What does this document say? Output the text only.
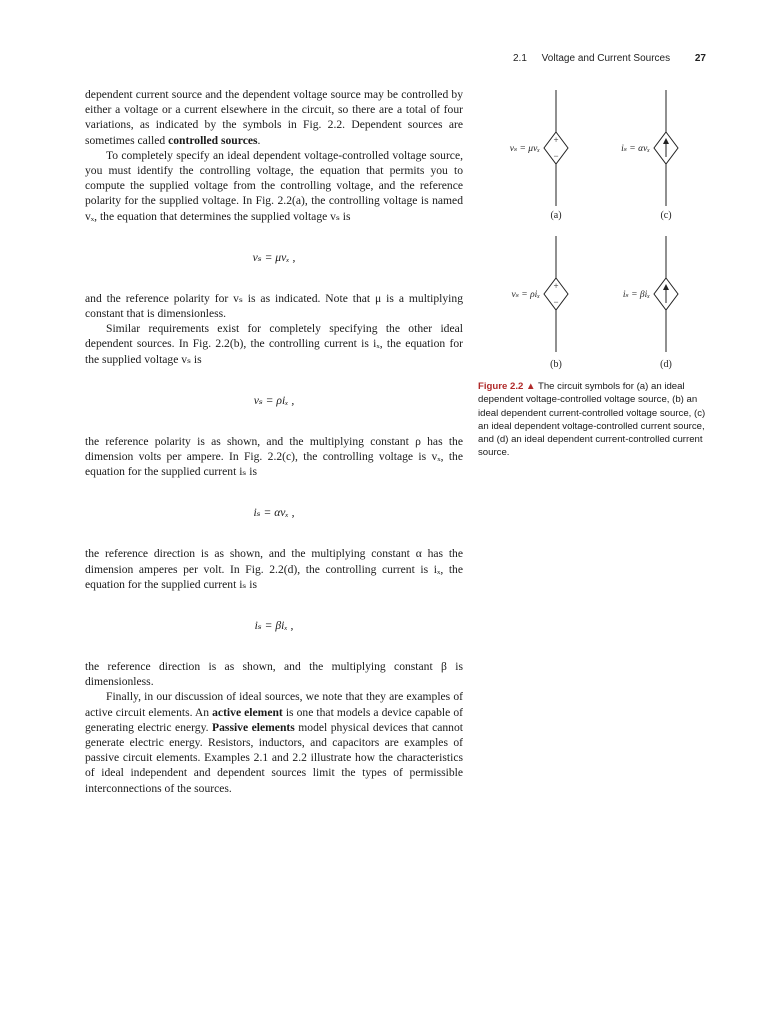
2.1 Voltage and Current Sources 27

dependent current source and the dependent voltage source may be controlled by either a voltage or a current elsewhere in the circuit, so there are a total of four variations, as indicated by the symbols in Fig. 2.2. Dependent sources are sometimes called controlled sources.

To completely specify an ideal dependent voltage-controlled voltage source, you must identify the controlling voltage, the equation that permits you to compute the supplied voltage from the controlling voltage, and the reference polarity for the supplied voltage. In Fig. 2.2(a), the controlling voltage is named vₓ, the equation that determines the supplied voltage vₛ is

vₛ = μvₓ ,

and the reference polarity for vₛ is as indicated. Note that μ is a multiplying constant that is dimensionless.

Similar requirements exist for completely specifying the other ideal dependent sources. In Fig. 2.2(b), the controlling current is iₓ, the equation for the supplied voltage vₛ is

vₛ = ρiₓ ,

the reference polarity is as shown, and the multiplying constant ρ has the dimension volts per ampere. In Fig. 2.2(c), the controlling voltage is vₓ, the equation for the supplied current iₛ is

iₛ = αvₓ ,

the reference direction is as shown, and the multiplying constant α has the dimension amperes per volt. In Fig. 2.2(d), the controlling current is iₓ, the equation for the supplied current iₛ is

iₛ = βiₓ ,

the reference direction is as shown, and the multiplying constant β is dimensionless.

Finally, in our discussion of ideal sources, we note that they are examples of active circuit elements. An active element is one that models a device capable of generating electric energy. Passive elements model physical devices that cannot generate electric energy. Resistors, inductors, and capacitors are examples of passive circuit elements. Examples 2.1 and 2.2 illustrate how the characteristics of ideal independent and dependent sources limit the types of permissible interconnections of the sources.

+
−
+
−
vₛ = μvₓ	iₛ = αvₓ
vₛ = ρiₓ	iₛ = βiₓ
(a)	(c)
(b)	(d)
Figure 2.2 ▲ The circuit symbols for (a) an ideal dependent voltage-controlled voltage source, (b) an ideal dependent current-controlled voltage source, (c) an ideal dependent voltage-controlled current source, and (d) an ideal dependent current-controlled current source.
